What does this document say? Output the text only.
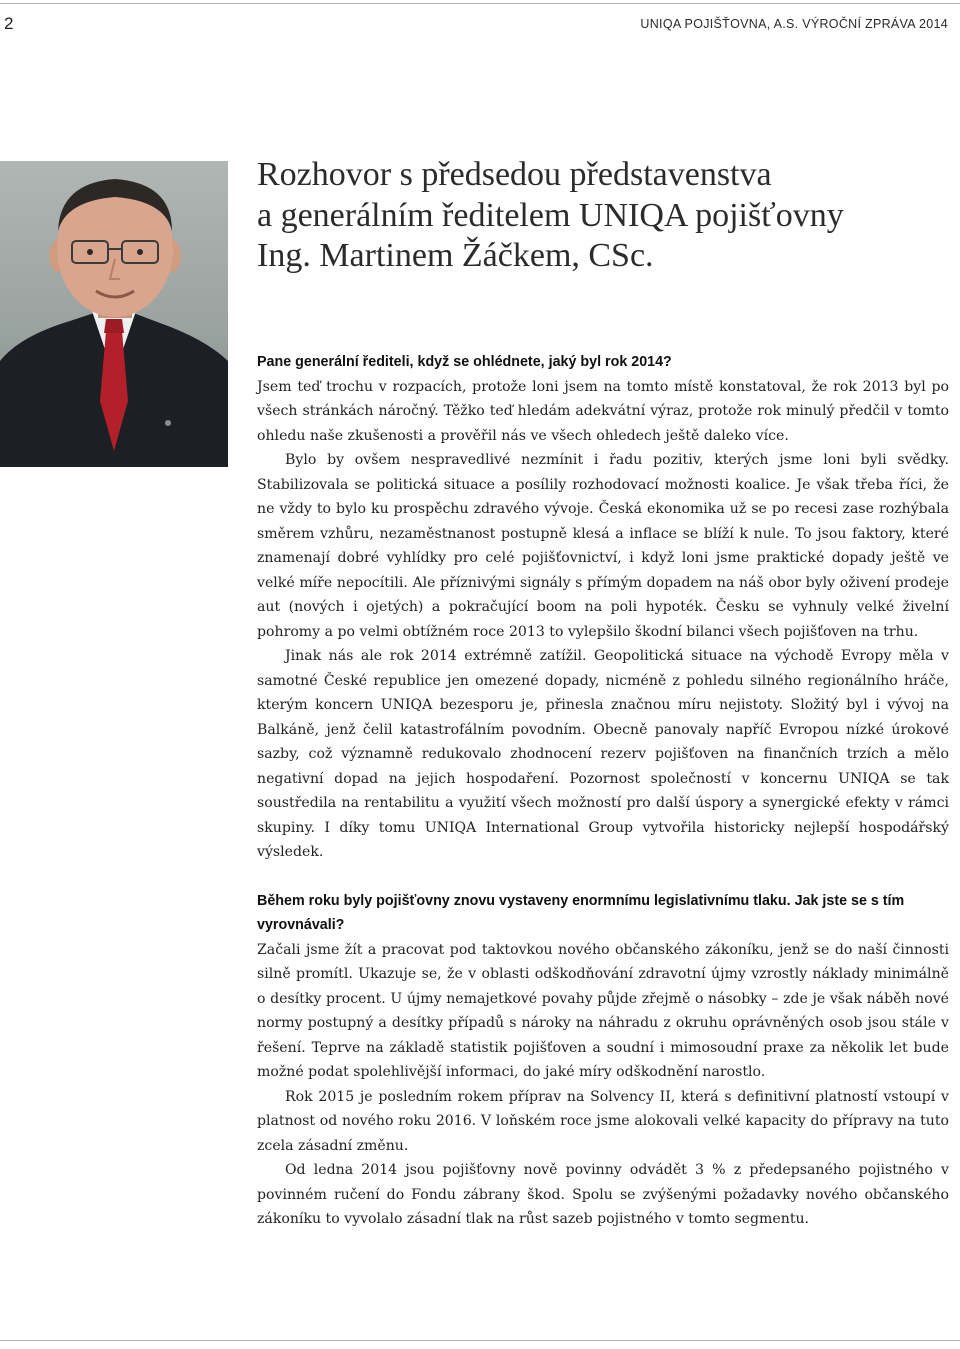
2	UNIQA POJIŠŤOVNA, A.S. VÝROČNÍ ZPRÁVA 2014
Rozhovor s předsedou představenstva
a generálním ředitelem UNIQA pojišťovny
Ing. Martinem Žáčkem, CSc.

Pane generální řediteli, když se ohlédnete, jaký byl rok 2014?

Jsem teď trochu v rozpacích, protože loni jsem na tomto místě konstatoval, že rok 2013 byl po všech stránkách náročný. Těžko teď hledám adekvátní výraz, protože rok minulý předčil v tomto ohledu naše zkušenosti a prověřil nás ve všech ohledech ještě daleko více.

Bylo by ovšem nespravedlivé nezmínit i řadu pozitiv, kterých jsme loni byli svědky. Stabilizovala se politická situace a posílily rozhodovací možnosti koalice. Je však třeba říci, že ne vždy to bylo ku prospěchu zdravého vývoje. Česká ekonomika už se po recesi zase rozhýbala směrem vzhůru, nezaměstnanost postupně klesá a inflace se blíží k nule. To jsou faktory, které znamenají dobré vyhlídky pro celé pojišťovnictví, i když loni jsme praktické dopady ještě ve velké míře nepocítili. Ale příznivými signály s přímým dopadem na náš obor byly oživení prodeje aut (nových i ojetých) a pokračující boom na poli hypoték. Česku se vyhnuly velké živelní pohromy a po velmi obtížném roce 2013 to vylepšilo škodní bilanci všech pojišťoven na trhu.

Jinak nás ale rok 2014 extrémně zatížil. Geopolitická situace na východě Evropy měla v samotné České republice jen omezené dopady, nicméně z pohledu silného regionálního hráče, kterým koncern UNIQA bezesporu je, přinesla značnou míru nejistoty. Složitý byl i vývoj na Balkáně, jenž čelil katastrofálním povodním. Obecně panovaly napříč Evropou nízké úrokové sazby, což významně redukovalo zhodnocení rezerv pojišťoven na finančních trzích a mělo negativní dopad na jejich hospodaření. Pozornost společností v koncernu UNIQA se tak soustředila na rentabilitu a využití všech možností pro další úspory a synergické efekty v rámci skupiny. I díky tomu UNIQA International Group vytvořila historicky nejlepší hospodářský výsledek.

Během roku byly pojišťovny znovu vystaveny enormnímu legislativnímu tlaku. Jak jste se s tím vyrovnávali?

Začali jsme žít a pracovat pod taktovkou nového občanského zákoníku, jenž se do naší činnosti silně promítl. Ukazuje se, že v oblasti odškodňování zdravotní újmy vzrostly náklady minimálně o desítky procent. U újmy nemajetkové povahy půjde zřejmě o násobky – zde je však náběh nové normy postupný a desítky případů s nároky na náhradu z okruhu oprávněných osob jsou stále v řešení. Teprve na základě statistik pojišťoven a soudní i mimosoudní praxe za několik let bude možné podat spolehlivější informaci, do jaké míry odškodnění narostlo.

Rok 2015 je posledním rokem příprav na Solvency II, která s definitivní platností vstoupí v platnost od nového roku 2016. V loňském roce jsme alokovali velké kapacity do přípravy na tuto zcela zásadní změnu.

Od ledna 2014 jsou pojišťovny nově povinny odvádět 3 % z předepsaného pojistného v povinném ručení do Fondu zábrany škod. Spolu se zvýšenými požadavky nového občanského zákoníku to vyvolalo zásadní tlak na růst sazeb pojistného v tomto segmentu.
